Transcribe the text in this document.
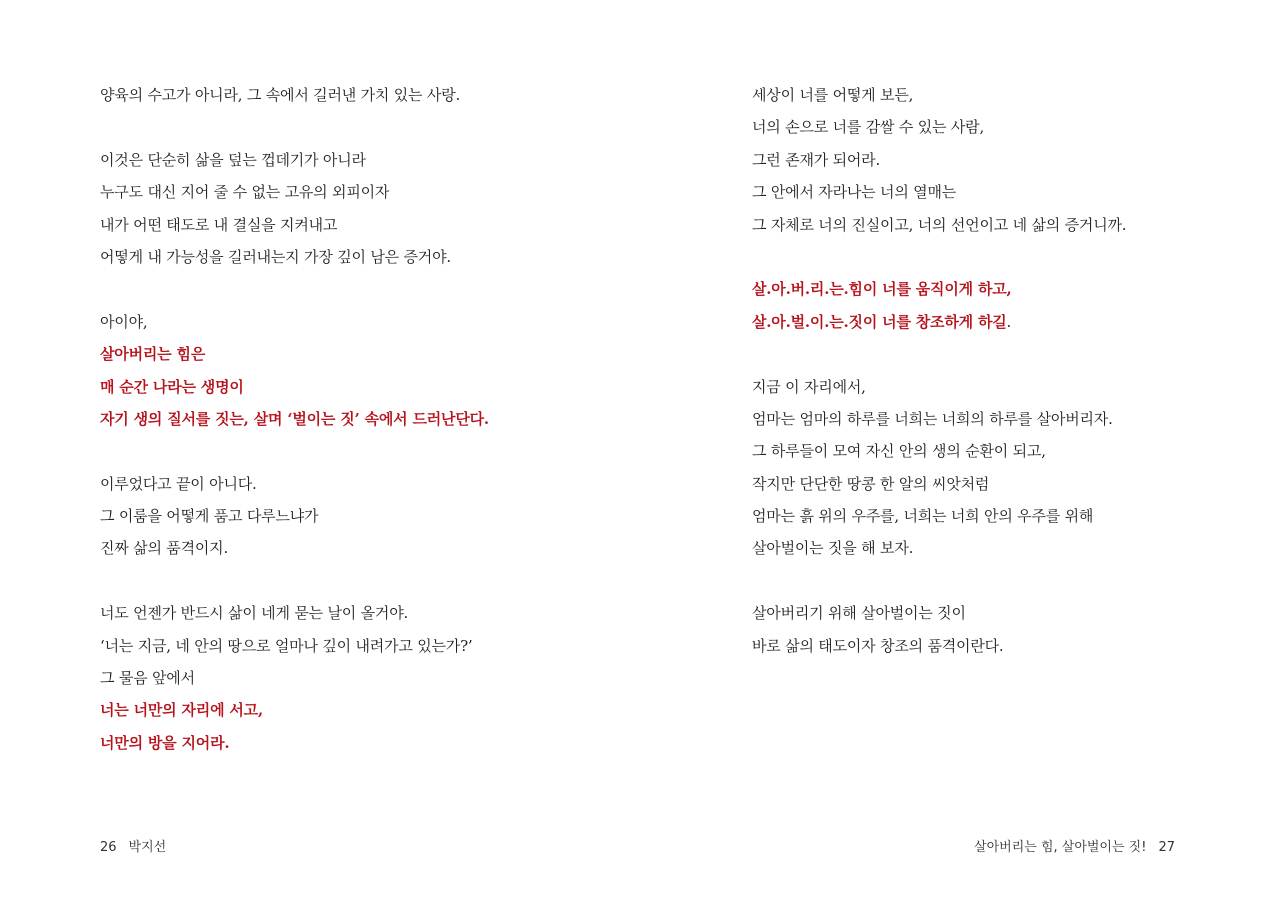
양육의 수고가 아니라, 그 속에서 길러낸 가치 있는 사랑.
이것은 단순히 삶을 덮는 껍데기가 아니라
누구도 대신 지어 줄 수 없는 고유의 외피이자
내가 어떤 태도로 내 결실을 지켜내고
어떻게 내 가능성을 길러내는지 가장 깊이 남은 증거야.
아이야,
살아버리는 힘은
매 순간 나라는 생명이
자기 생의 질서를 짓는, 살며 ‘벌이는 짓’ 속에서 드러난단다.
이루었다고 끝이 아니다.
그 이룸을 어떻게 품고 다루느냐가
진짜 삶의 품격이지.
너도 언젠가 반드시 삶이 네게 묻는 날이 올거야.
‘너는 지금, 네 안의 땅으로 얼마나 깊이 내려가고 있는가?’
그 물음 앞에서
너는 너만의 자리에 서고,
너만의 방을 지어라.
26 박지선
세상이 너를 어떻게 보든,
너의 손으로 너를 감쌀 수 있는 사람,
그런 존재가 되어라.
그 안에서 자라나는 너의 열매는
그 자체로 너의 진실이고, 너의 선언이고 네 삶의 증거니까.
살.아.버.리.는.힘이 너를 움직이게 하고,
살.아.벌.이.는.짓이 너를 창조하게 하길.
지금 이 자리에서,
엄마는 엄마의 하루를 너희는 너희의 하루를 살아버리자.
그 하루들이 모여 자신 안의 생의 순환이 되고,
작지만 단단한 땅콩 한 알의 씨앗처럼
엄마는 흙 위의 우주를, 너희는 너희 안의 우주를 위해
살아벌이는 짓을 해 보자.
살아버리기 위해 살아벌이는 짓이
바로 삶의 태도이자 창조의 품격이란다.
살아버리는 힘, 살아벌이는 짓! 27
